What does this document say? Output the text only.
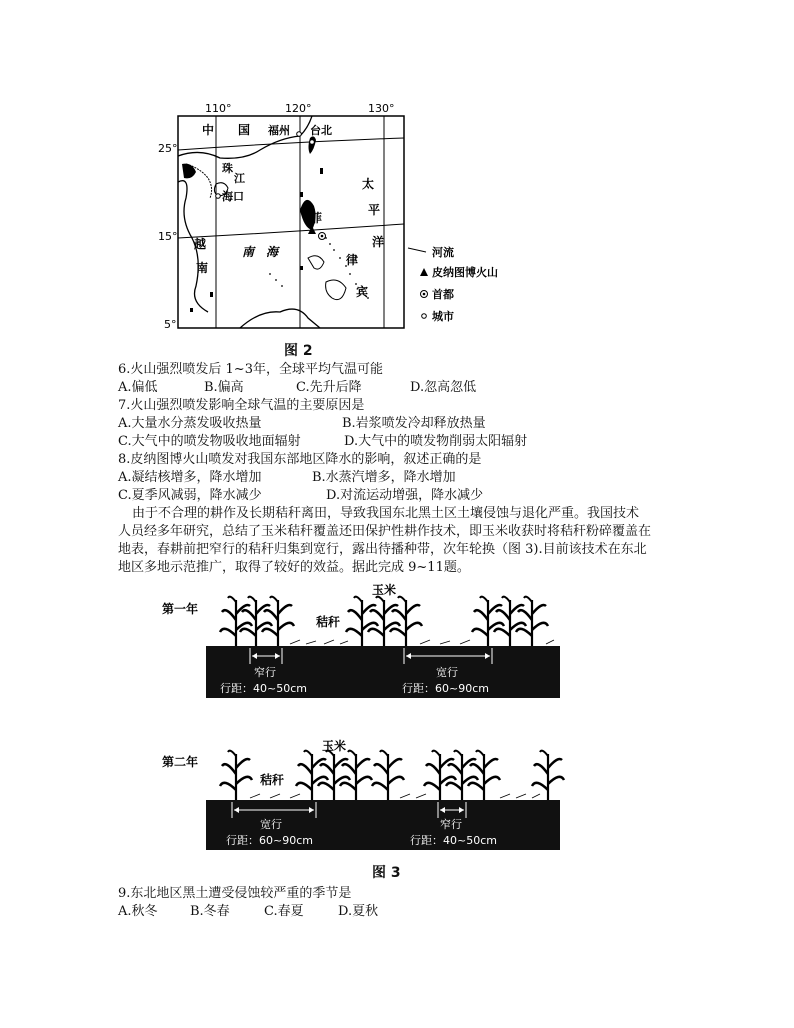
110°	120°	130°
25°
15°
5°
中 国 福州 台北
珠
江
海口
太
平
洋
菲
律
宾
越
南
南　海	河流
皮纳图博火山
首都
城市
图 2
6.火山强烈喷发后 1~3年，全球平均气温可能
A.偏低	B.偏高	C.先升后降	D.忽高忽低
7.火山强烈喷发影响全球气温的主要原因是
A.大量水分蒸发吸收热量	B.岩浆喷发冷却释放热量
C.大气中的喷发物吸收地面辐射	D.大气中的喷发物削弱太阳辐射
8.皮纳图博火山喷发对我国东部地区降水的影响，叙述正确的是
A.凝结核增多，降水增加	B.水蒸汽增多，降水增加
C.夏季风减弱，降水减少	D.对流运动增强，降水减少
由于不合理的耕作及长期秸秆离田，导致我国东北黑土区土壤侵蚀与退化严重。我国技术
人员经多年研究，总结了玉米秸秆覆盖还田保护性耕作技术，即玉米收获时将秸秆粉碎覆盖在
地表，春耕前把窄行的秸秆归集到宽行，露出待播种带，次年轮换（图 3).目前该技术在东北
地区多地示范推广，取得了较好的效益。据此完成 9~11题。
第一年
玉米
秸秆
窄行
行距：40~50cm
宽行
行距：60~90cm
第二年
玉米
秸秆
宽行
行距：60~90cm
窄行
行距：40~50cm
图 3
9.东北地区黑土遭受侵蚀较严重的季节是
A.秋冬 B.冬春	C.春夏	D.夏秋
